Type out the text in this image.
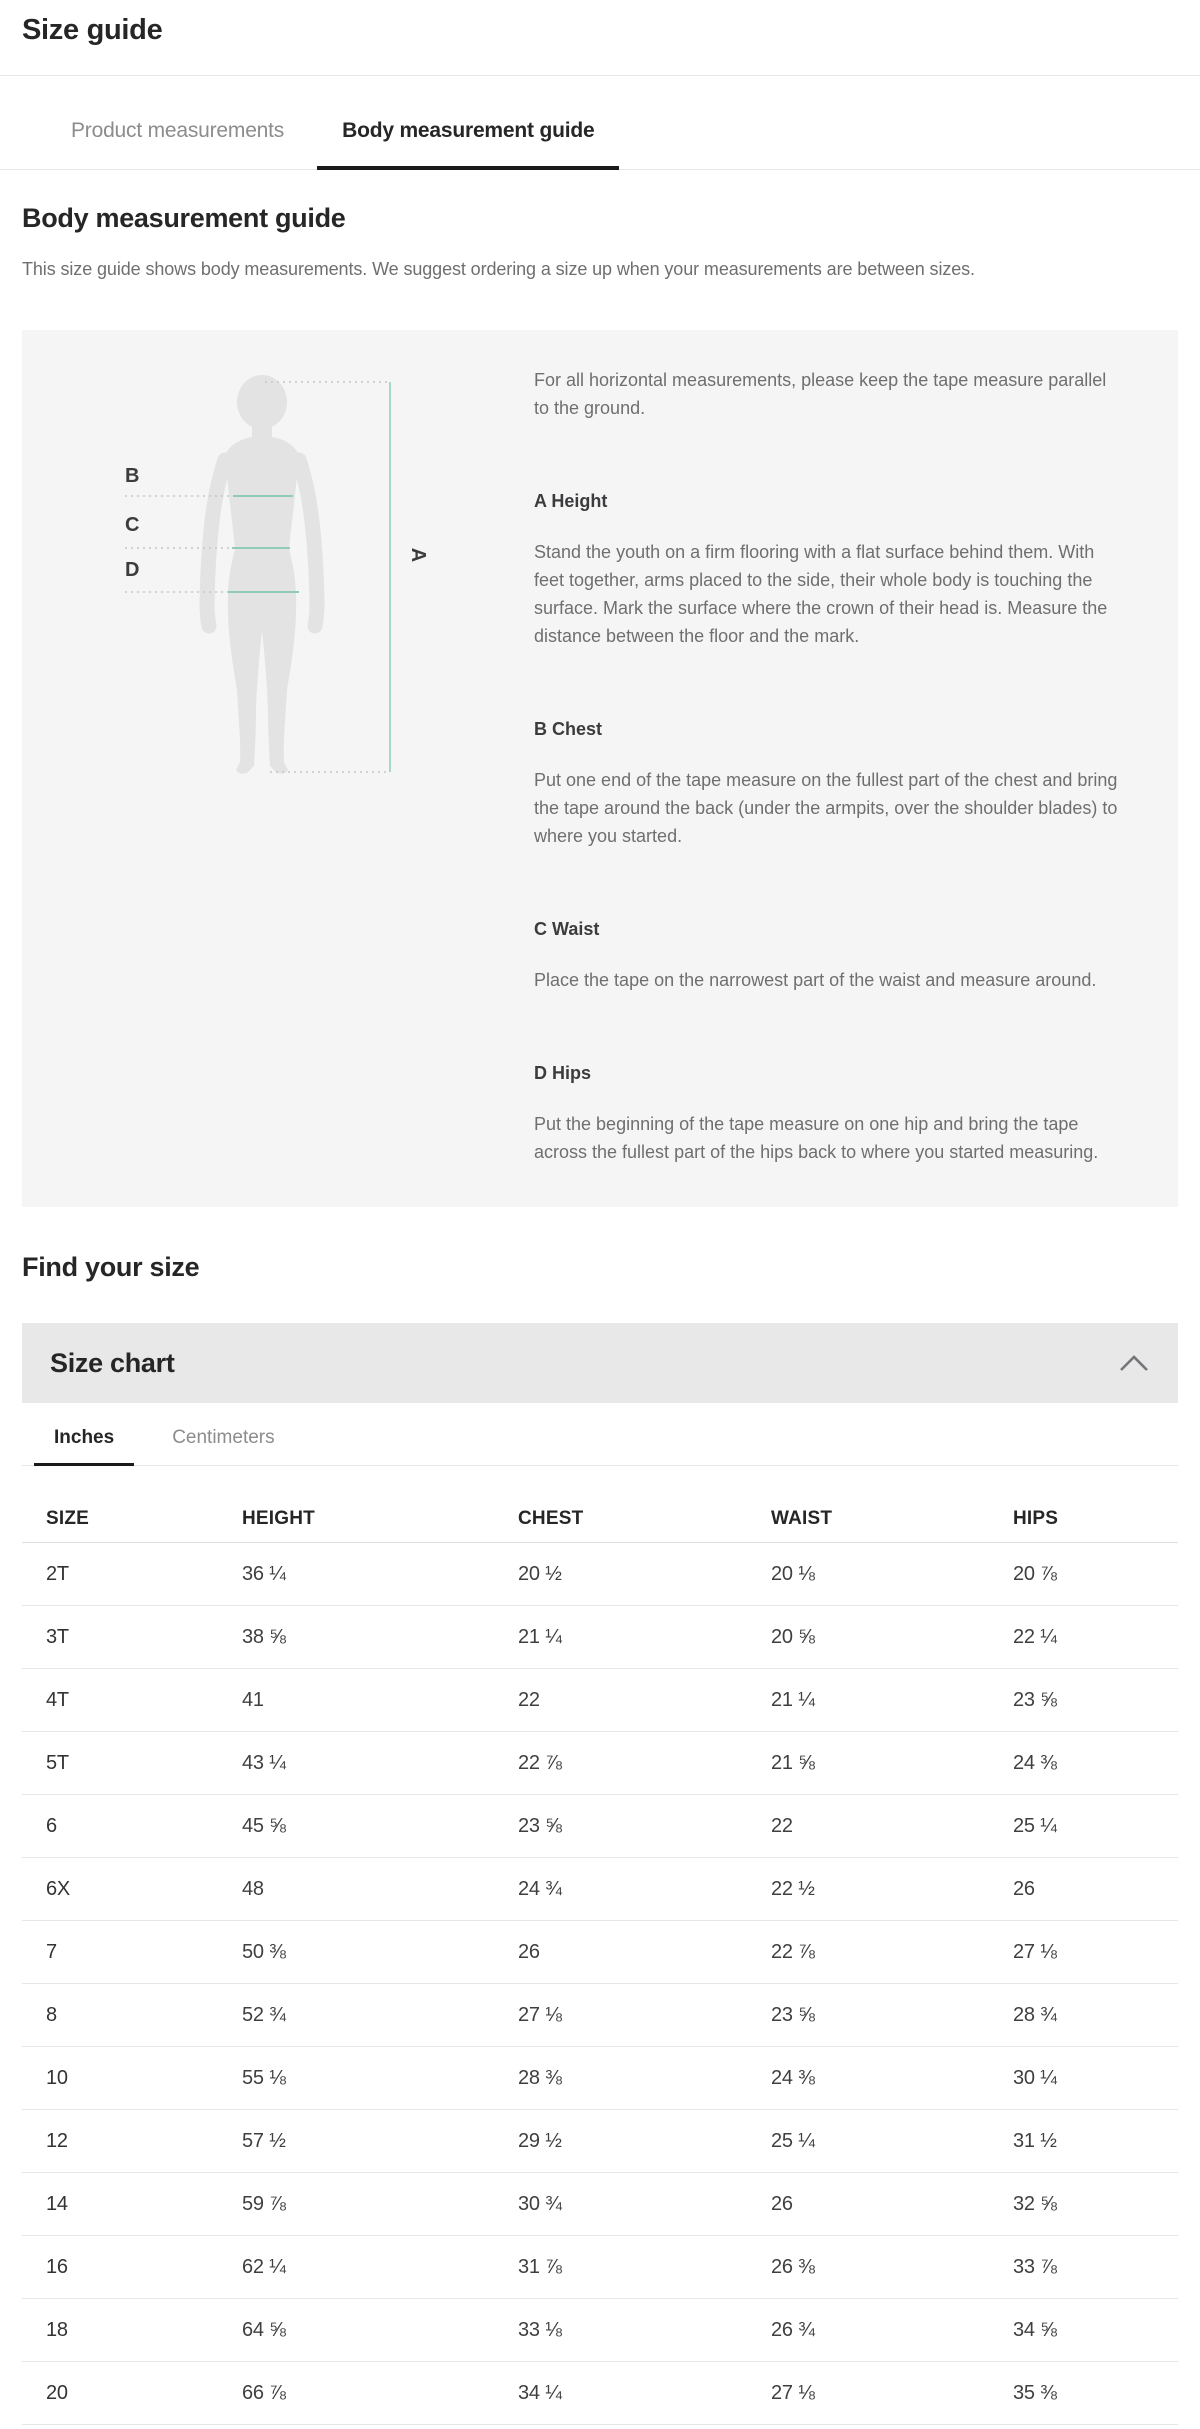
Size guide
Product measurements	Body measurement guide
Body measurement guide

This size guide shows body measurements. We suggest ordering a size up when your measurements are between sizes.

A
B
C
D

For all horizontal measurements, please keep the tape measure parallel to the ground.

A Height

Stand the youth on a firm flooring with a flat surface behind them. With feet together, arms placed to the side, their whole body is touching the surface. Mark the surface where the crown of their head is. Measure the distance between the floor and the mark.

B Chest

Put one end of the tape measure on the fullest part of the chest and bring the tape around the back (under the armpits, over the shoulder blades) to where you started.

C Waist

Place the tape on the narrowest part of the waist and measure around.

D Hips

Put the beginning of the tape measure on one hip and bring the tape across the fullest part of the hips back to where you started measuring.

Find your size
Size chart
Inches	Centimeters
SIZE	HEIGHT	CHEST	WAIST	HIPS
2T	36 ¼	20 ½	20 ⅛	20 ⅞
3T	38 ⅝	21 ¼	20 ⅝	22 ¼
4T	41	22	21 ¼	23 ⅝
5T	43 ¼	22 ⅞	21 ⅝	24 ⅜
6	45 ⅝	23 ⅝	22	25 ¼
6X	48	24 ¾	22 ½	26
7	50 ⅜	26	22 ⅞	27 ⅛
8	52 ¾	27 ⅛	23 ⅝	28 ¾
10	55 ⅛	28 ⅜	24 ⅜	30 ¼
12	57 ½	29 ½	25 ¼	31 ½
14	59 ⅞	30 ¾	26	32 ⅝
16	62 ¼	31 ⅞	26 ⅜	33 ⅞
18	64 ⅝	33 ⅛	26 ¾	34 ⅝
20	66 ⅞	34 ¼	27 ⅛	35 ⅜
